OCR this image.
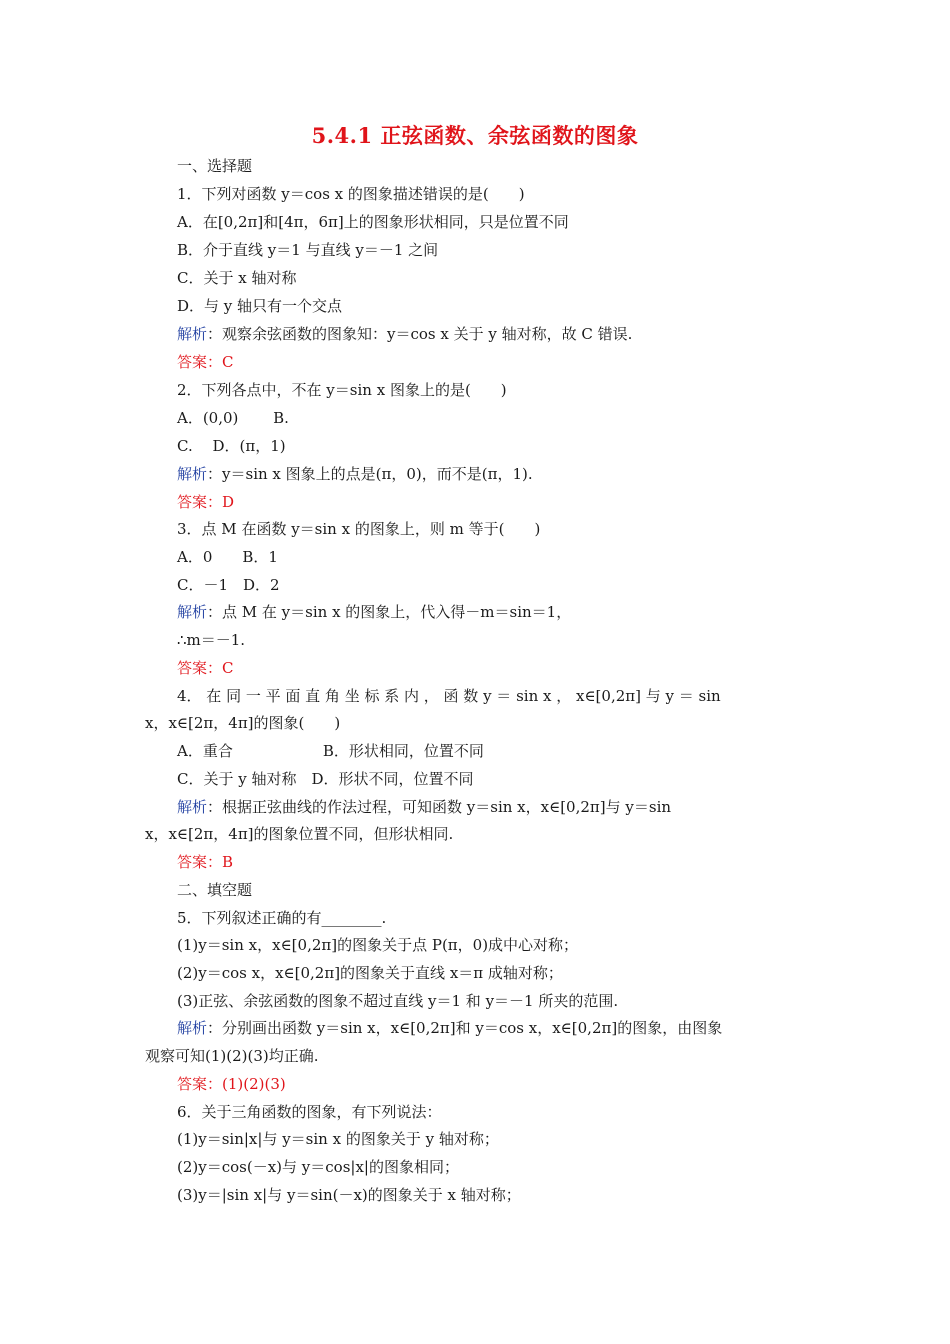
5.4.1 正弦函数、余弦函数的图象
一、选择题
1．下列对函数 y＝cos x 的图象描述错误的是(　　)
A．在[0,2π]和[4π，6π]上的图象形状相同，只是位置不同
B．介于直线 y＝1 与直线 y＝－1 之间
C．关于 x 轴对称
D．与 y 轴只有一个交点
解析：观察余弦函数的图象知：y＝cos x 关于 y 轴对称，故 C 错误.
答案：C
2．下列各点中，不在 y＝sin x 图象上的是(　　)
A．(0,0)　　 B.
C.　 D．(π，1)
解析：y＝sin x 图象上的点是(π，0)，而不是(π，1).
答案：D
3．点 M 在函数 y＝sin x 的图象上，则 m 等于(　　)
A．0　　B．1
C．－1　D．2
解析：点 M 在 y＝sin x 的图象上，代入得－m＝sin＝1，
∴m＝－1.
答案：C
4． 在 同 一 平 面 直 角 坐 标 系 内 ， 函 数 y ＝ sin x ， x∈[0,2π] 与 y ＝ sin
x，x∈[2π，4π]的图象(　　)
A．重合　　　　　　B．形状相同，位置不同
C．关于 y 轴对称　D．形状不同，位置不同
解析：根据正弦曲线的作法过程，可知函数 y＝sin x，x∈[0,2π]与 y＝sin
x，x∈[2π，4π]的图象位置不同，但形状相同.
答案：B
二、填空题
5．下列叙述正确的有________.
(1)y＝sin x，x∈[0,2π]的图象关于点 P(π，0)成中心对称；
(2)y＝cos x，x∈[0,2π]的图象关于直线 x＝π 成轴对称；
(3)正弦、余弦函数的图象不超过直线 y＝1 和 y＝－1 所夹的范围.
解析：分别画出函数 y＝sin x，x∈[0,2π]和 y＝cos x，x∈[0,2π]的图象，由图象
观察可知(1)(2)(3)均正确.
答案：(1)(2)(3)
6．关于三角函数的图象，有下列说法：
(1)y＝sin|x|与 y＝sin x 的图象关于 y 轴对称；
(2)y＝cos(－x)与 y＝cos|x|的图象相同；
(3)y＝|sin x|与 y＝sin(－x)的图象关于 x 轴对称；
